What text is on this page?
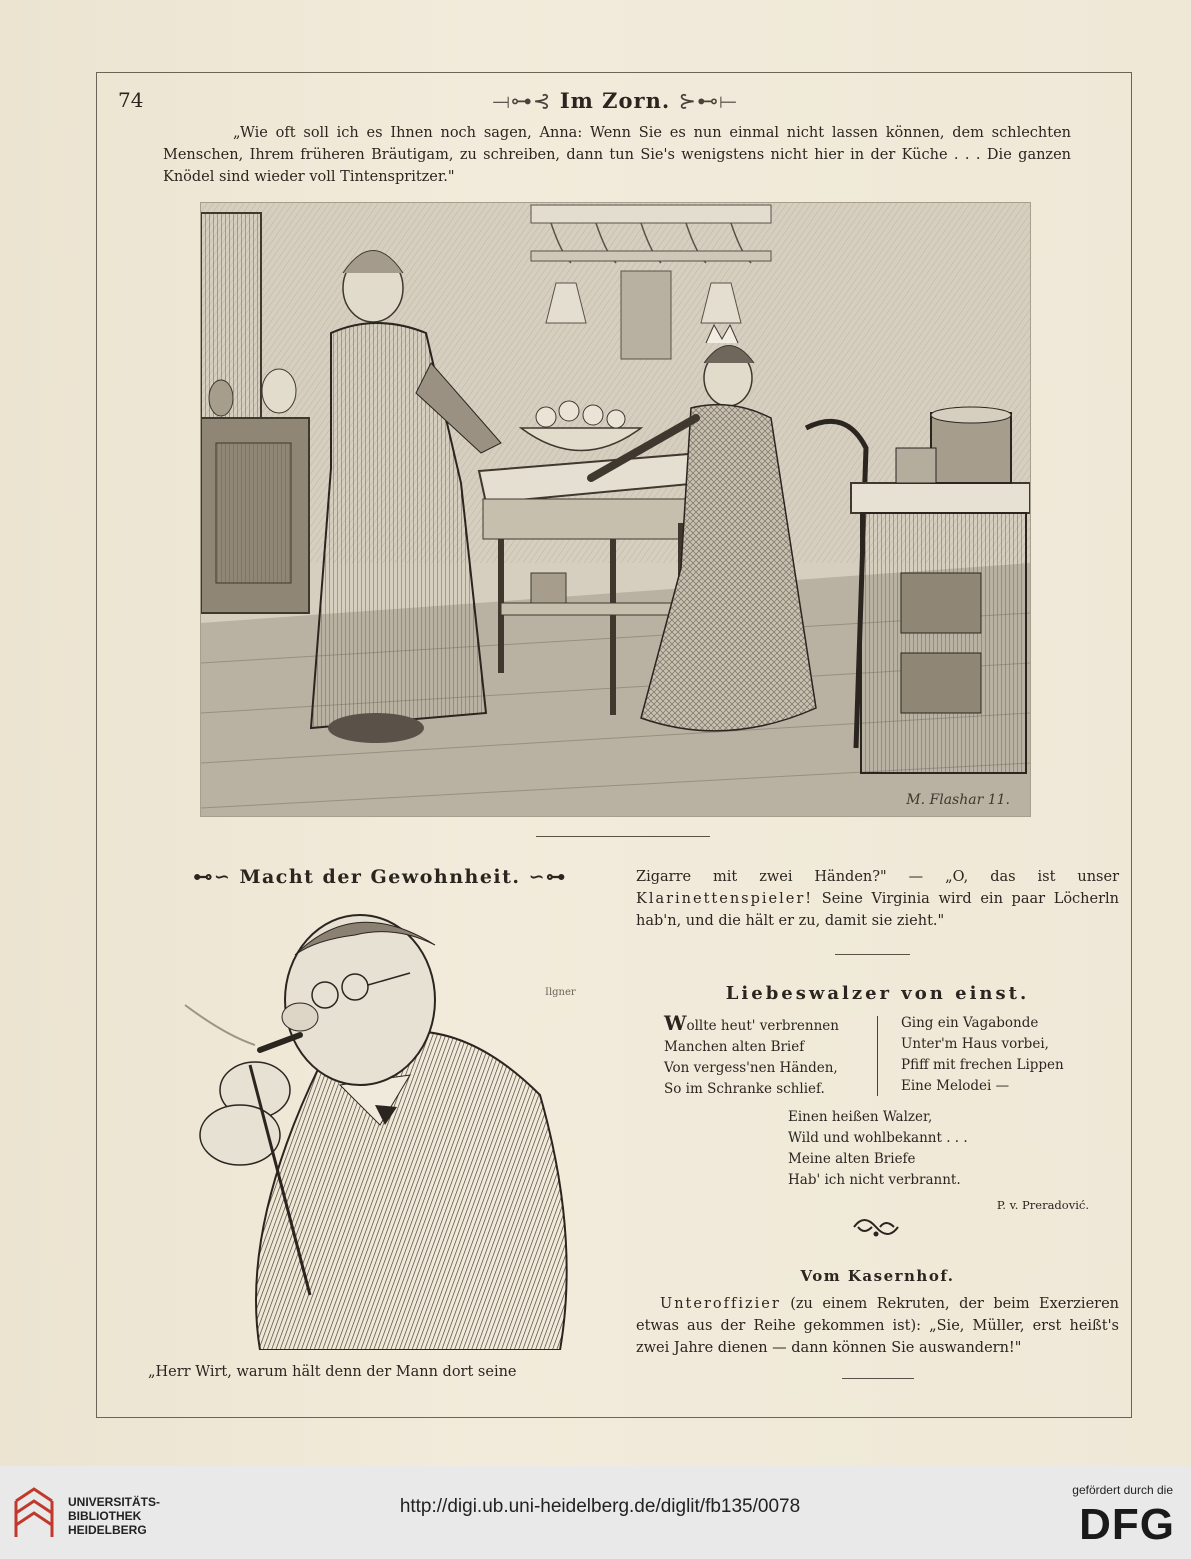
74	⟞⊶⊰ Im Zorn. ⊱⊷⟝
„Wie oft soll ich es Ihnen noch sagen, Anna: Wenn Sie es nun einmal nicht lassen können, dem schlechten Menschen, Ihrem früheren Bräutigam, zu schreiben, dann tun Sie's wenigstens nicht hier in der Küche . . . Die ganzen Knödel sind wieder voll Tintenspritzer."
M. Flashar 11.
⊷∽ Macht der Gewohnheit. ∽⊶
Ilgner
„Herr Wirt, warum hält denn der Mann dort seine
Zigarre mit zwei Händen?" — „O, das ist unser Klarinettenspieler! Seine Virginia wird ein paar Löcherln hab'n, und die hält er zu, damit sie zieht."
Liebeswalzer von einst.
Wollte heut' verbrennen
Manchen alten Brief
Von vergess'nen Händen,
So im Schranke schlief.
Ging ein Vagabonde
Unter'm Haus vorbei,
Pfiff mit frechen Lippen
Eine Melodei —
Einen heißen Walzer,
Wild und wohlbekannt . . .
Meine alten Briefe
Hab' ich nicht verbrannt.
P. v. Preradović.
Vom Kasernhof.
Unteroffizier (zu einem Rekruten, der beim Exerzieren etwas aus der Reihe gekommen ist): „Sie, Müller, erst heißt's zwei Jahre dienen — dann können Sie auswandern!"
UNIVERSITÄTS-
BIBLIOTHEK
HEIDELBERG
http://digi.ub.uni-heidelberg.de/diglit/fb135/0078
gefördert durch die
DFG
